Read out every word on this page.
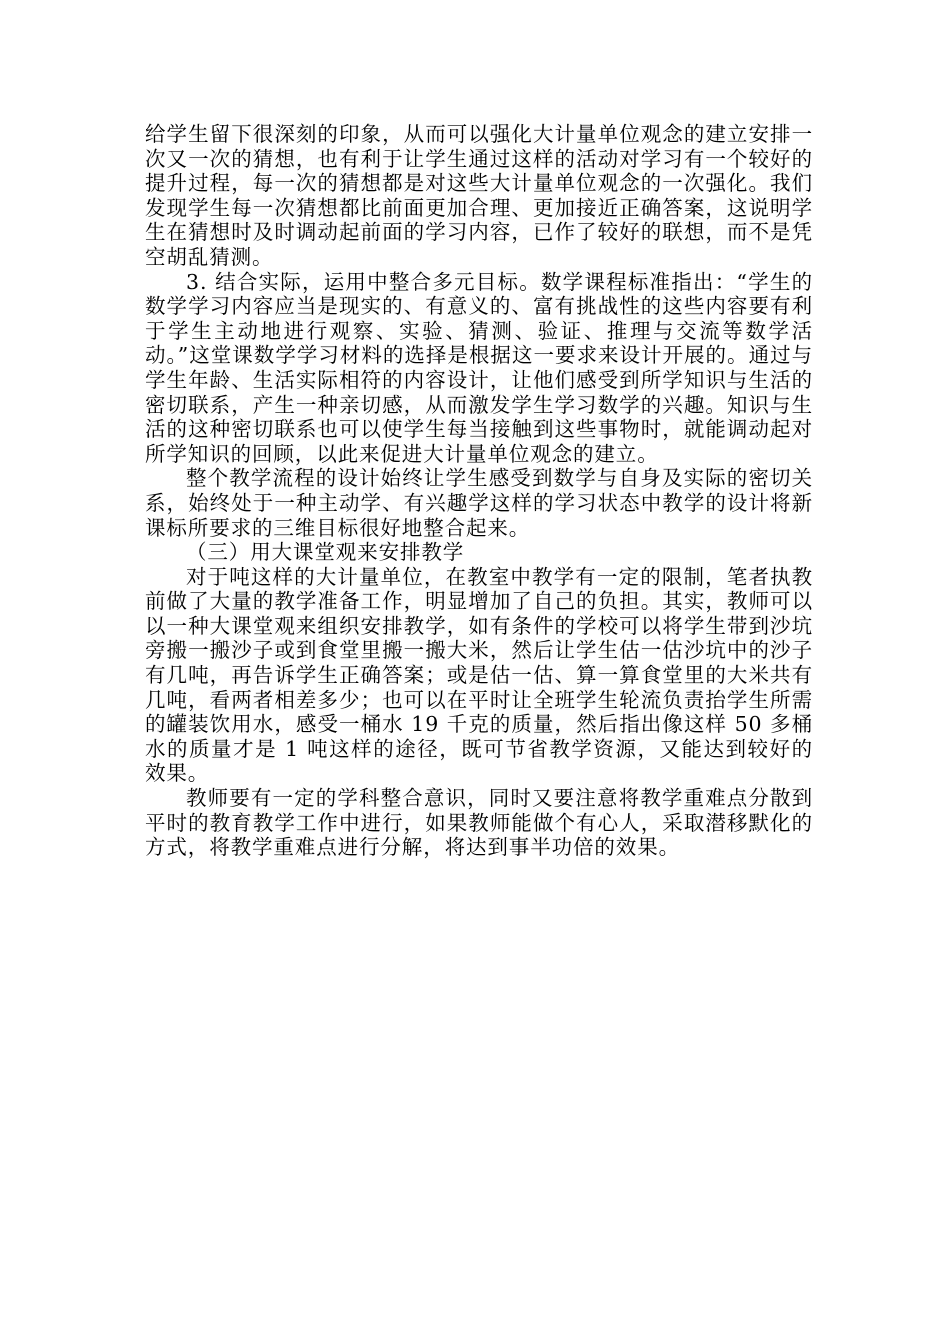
给学生留下很深刻的印象，从而可以强化大计量单位观念的建立安排一次又一次的猜想，也有利于让学生通过这样的活动对学习有一个较好的提升过程，每一次的猜想都是对这些大计量单位观念的一次强化。我们发现学生每一次猜想都比前面更加合理、更加接近正确答案，这说明学生在猜想时及时调动起前面的学习内容，已作了较好的联想，而不是凭空胡乱猜测。

3. 结合实际，运用中整合多元目标。数学课程标准指出：“学生的数学学习内容应当是现实的、有意义的、富有挑战性的这些内容要有利于学生主动地进行观察、实验、猜测、验证、推理与交流等数学活动。”这堂课数学学习材料的选择是根据这一要求来设计开展的。通过与学生年龄、生活实际相符的内容设计，让他们感受到所学知识与生活的密切联系，产生一种亲切感，从而激发学生学习数学的兴趣。知识与生活的这种密切联系也可以使学生每当接触到这些事物时，就能调动起对所学知识的回顾，以此来促进大计量单位观念的建立。

整个教学流程的设计始终让学生感受到数学与自身及实际的密切关系，始终处于一种主动学、有兴趣学这样的学习状态中教学的设计将新课标所要求的三维目标很好地整合起来。

（三）用大课堂观来安排教学

对于吨这样的大计量单位，在教室中教学有一定的限制，笔者执教前做了大量的教学准备工作，明显增加了自己的负担。其实，教师可以以一种大课堂观来组织安排教学，如有条件的学校可以将学生带到沙坑旁搬一搬沙子或到食堂里搬一搬大米，然后让学生估一估沙坑中的沙子有几吨，再告诉学生正确答案；或是估一估、算一算食堂里的大米共有几吨，看两者相差多少；也可以在平时让全班学生轮流负责抬学生所需的罐装饮用水，感受一桶水 19 千克的质量，然后指出像这样 50 多桶水的质量才是 1 吨这样的途径，既可节省教学资源，又能达到较好的效果。

教师要有一定的学科整合意识，同时又要注意将教学重难点分散到平时的教育教学工作中进行，如果教师能做个有心人，采取潜移默化的方式，将教学重难点进行分解，将达到事半功倍的效果。
